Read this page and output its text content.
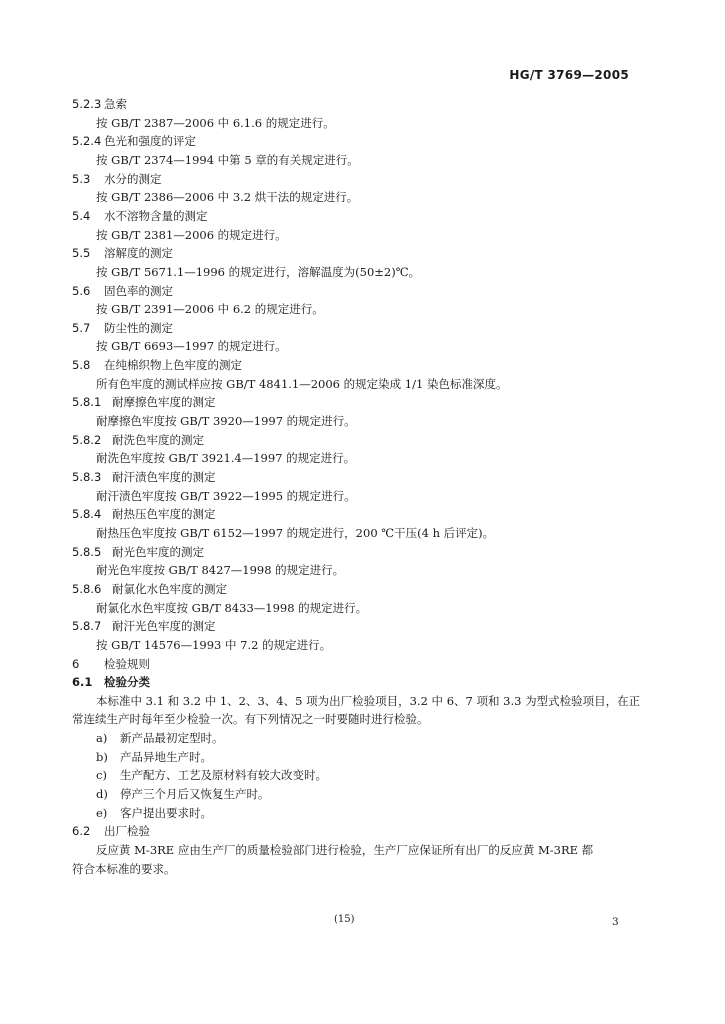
HG/T 3769—2005
5.2.3 急索
按 GB/T 2387—2006 中 6.1.6 的规定进行。
5.2.4 色光和强度的评定
按 GB/T 2374—1994 中第 5 章的有关规定进行。
5.3 水分的测定
按 GB/T 2386—2006 中 3.2 烘干法的规定进行。
5.4 水不溶物含量的测定
按 GB/T 2381—2006 的规定进行。
5.5 溶解度的测定
按 GB/T 5671.1—1996 的规定进行，溶解温度为(50±2)℃。
5.6 固色率的测定
按 GB/T 2391—2006 中 6.2 的规定进行。
5.7 防尘性的测定
按 GB/T 6693—1997 的规定进行。
5.8 在纯棉织物上色牢度的测定
所有色牢度的测试样应按 GB/T 4841.1—2006 的规定染成 1/1 染色标准深度。
5.8.1 耐摩擦色牢度的测定
耐摩擦色牢度按 GB/T 3920—1997 的规定进行。
5.8.2 耐洗色牢度的测定
耐洗色牢度按 GB/T 3921.4—1997 的规定进行。
5.8.3 耐汗渍色牢度的测定
耐汗渍色牢度按 GB/T 3922—1995 的规定进行。
5.8.4 耐热压色牢度的测定
耐热压色牢度按 GB/T 6152—1997 的规定进行，200 ℃干压(4 h 后评定)。
5.8.5 耐光色牢度的测定
耐光色牢度按 GB/T 8427—1998 的规定进行。
5.8.6 耐氯化水色牢度的测定
耐氯化水色牢度按 GB/T 8433—1998 的规定进行。
5.8.7 耐汗光色牢度的测定
按 GB/T 14576—1993 中 7.2 的规定进行。
6 检验规则
6.1 检验分类
本标准中 3.1 和 3.2 中 1、2、3、4、5 项为出厂检验项目，3.2 中 6、7 项和 3.3 为型式检验项目，在正
常连续生产时每年至少检验一次。有下列情况之一时要随时进行检验。
a) 新产品最初定型时。
b) 产品异地生产时。
c) 生产配方、工艺及原材料有较大改变时。
d) 停产三个月后又恢复生产时。
e) 客户提出要求时。
6.2 出厂检验
反应黄 M-3RE 应由生产厂的质量检验部门进行检验，生产厂应保证所有出厂的反应黄 M-3RE 都
符合本标准的要求。
(15)	3
